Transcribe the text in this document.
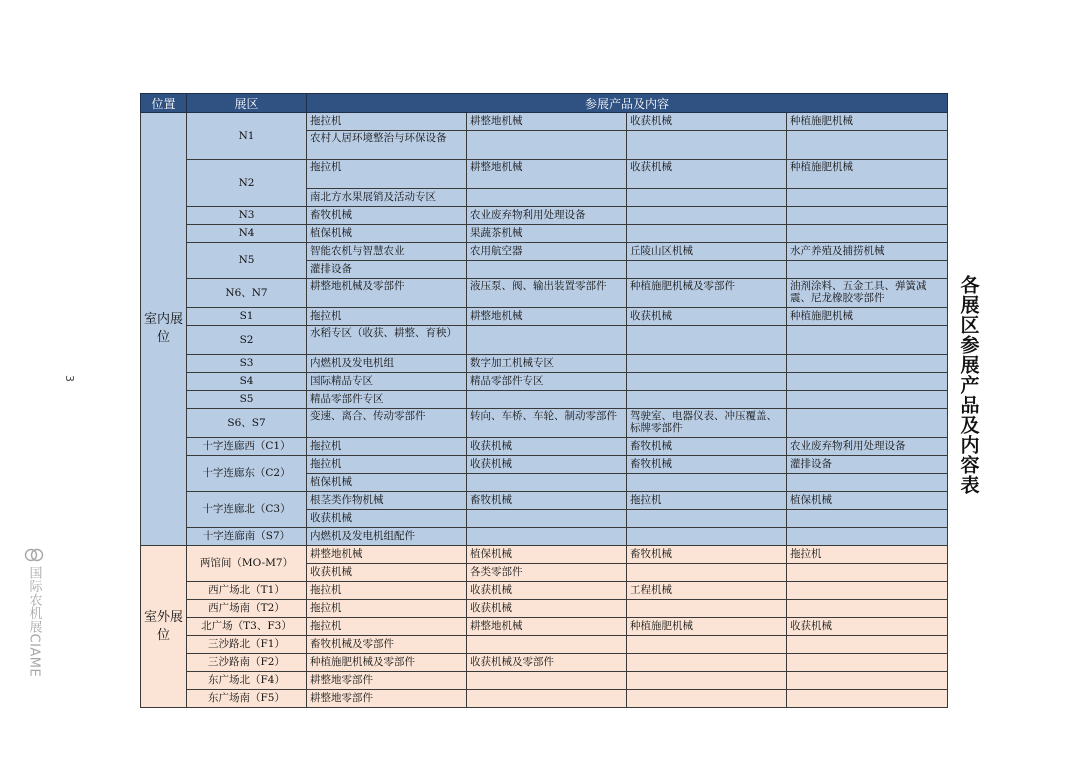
位置	展区	参展产品及内容			
室内展位	N1	拖拉机	耕整地机械	收获机械	种植施肥机械
		农村人居环境整治与环保设备			
	N2	拖拉机	耕整地机械	收获机械	种植施肥机械
		南北方水果展销及活动专区			
	N3	畜牧机械	农业废弃物利用处理设备		
	N4	植保机械	果蔬茶机械		
	N5	智能农机与智慧农业	农用航空器	丘陵山区机械	水产养殖及捕捞机械
		灌排设备			
	N6、N7	耕整地机械及零部件	液压泵、阀、输出装置零部件	种植施肥机械及零部件	油剂涂料、五金工具、弹簧减震、尼龙橡胶零部件
	S1	拖拉机	耕整地机械	收获机械	种植施肥机械
	S2	水稻专区（收获、耕整、育秧）			
	S3	内燃机及发电机组	数字加工机械专区		
	S4	国际精品专区	精品零部件专区		
	S5	精品零部件专区			
	S6、S7	变速、离合、传动零部件	转向、车桥、车轮、制动零部件	驾驶室、电器仪表、冲压覆盖、标牌零部件	
	十字连廊西（C1）	拖拉机	收获机械	畜牧机械	农业废弃物利用处理设备
	十字连廊东（C2）	拖拉机	收获机械	畜牧机械	灌排设备
		植保机械			
	十字连廊北（C3）	根茎类作物机械	畜牧机械	拖拉机	植保机械
		收获机械			
	十字连廊南（S7）	内燃机及发电机组配件			
室外展位	两馆间（MO-M7）	耕整地机械	植保机械	畜牧机械	拖拉机
		收获机械	各类零部件		
	西广场北（T1）	拖拉机	收获机械	工程机械	
	西广场南（T2）	拖拉机	收获机械		
	北广场（T3、F3）	拖拉机	耕整地机械	种植施肥机械	收获机械
	三沙路北（F1）	畜牧机械及零部件			
	三沙路南（F2）	种植施肥机械及零部件	收获机械及零部件		
	东广场北（F4）	耕整地零部件			
	东广场南（F5）	耕整地零部件			
各展区参展产品及内容表
3
国际农机展CIAME
